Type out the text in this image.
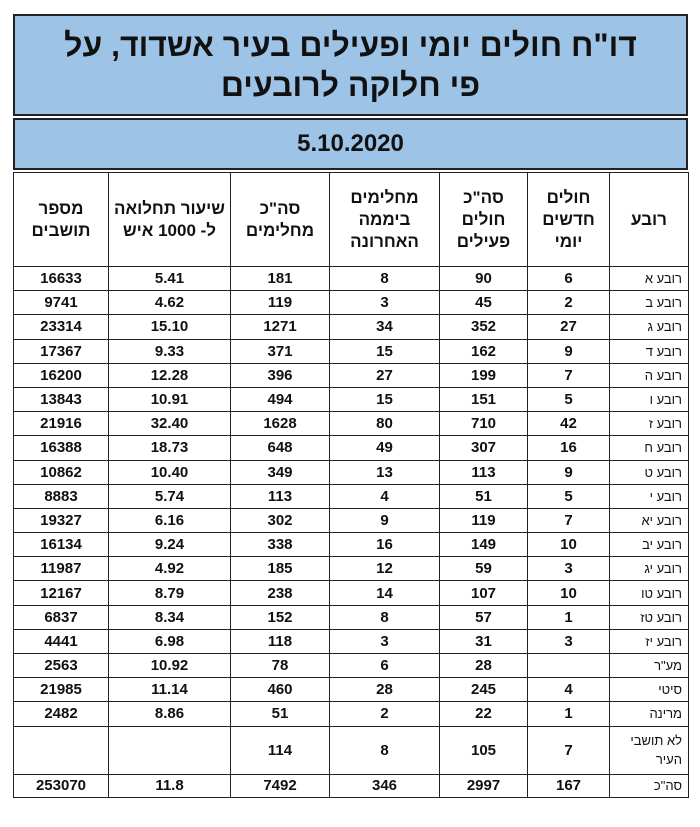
דו"ח חולים יומי ופעילים בעיר אשדוד, על פי חלוקה לרובעים
5.10.2020
מספר תושבים	שיעור תחלואה ל- 1000 איש	סה"כ מחלימים	מחלימים ביממה האחרונה	סה"כ חולים פעילים	חולים חדשים יומי	רובע
16633	5.41	181	8	90	6	רובע א
9741	4.62	119	3	45	2	רובע ב
23314	15.10	1271	34	352	27	רובע ג
17367	9.33	371	15	162	9	רובע ד
16200	12.28	396	27	199	7	רובע ה
13843	10.91	494	15	151	5	רובע ו
21916	32.40	1628	80	710	42	רובע ז
16388	18.73	648	49	307	16	רובע ח
10862	10.40	349	13	113	9	רובע ט
8883	5.74	113	4	51	5	רובע י
19327	6.16	302	9	119	7	רובע יא
16134	9.24	338	16	149	10	רובע יב
11987	4.92	185	12	59	3	רובע יג
12167	8.79	238	14	107	10	רובע טו
6837	8.34	152	8	57	1	רובע טז
4441	6.98	118	3	31	3	רובע יז
2563	10.92	78	6	28		מע"ר
21985	11.14	460	28	245	4	סיטי
2482	8.86	51	2	22	1	מרינה
		114	8	105	7	לא תושבי העיר
253070	11.8	7492	346	2997	167	סה"כ
